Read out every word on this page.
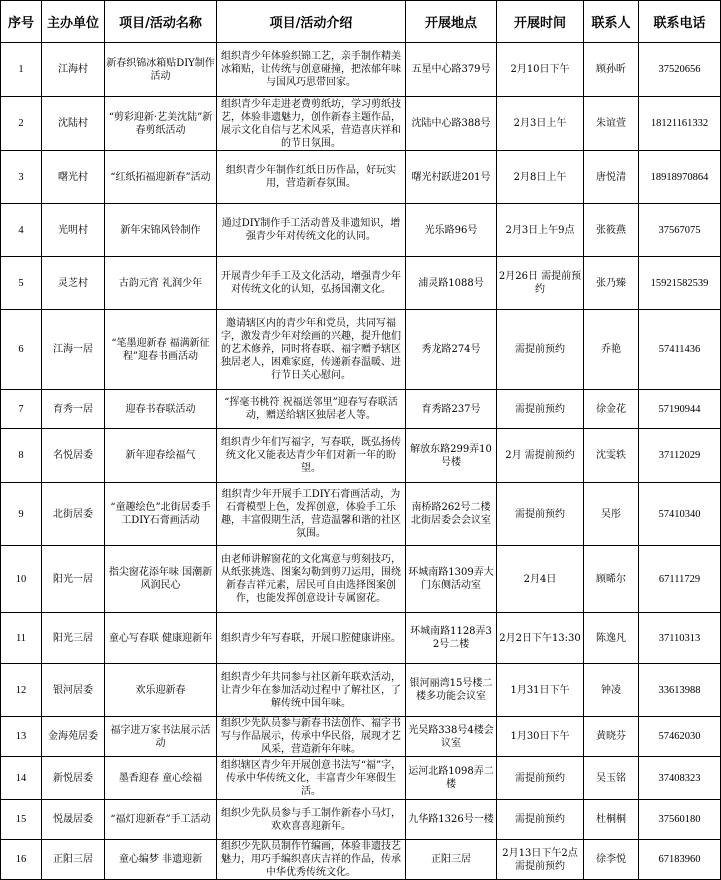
序号	主办单位	项目/活动名称	项目/活动介绍	开展地点	开展时间	联系人	联系电话
1	江海村	新春织锦冰箱贴DIY制作活动	组织青少年体验织锦工艺，亲手制作精美冰箱贴，让传统与创意碰撞，把浓郁年味与国风巧思带回家。	五星中心路379号	2月10日下午	顾孙昕	37520656
2	沈陆村	“剪彩迎新·艺美沈陆”新春剪纸活动	组织青少年走进老费剪纸坊，学习剪纸技艺，体验非遗魅力，创作新春主题作品，展示文化自信与艺术风采，营造喜庆祥和的节日氛围。	沈陆中心路388号	2月3日上午	朱谊萱	18121161332
3	曙光村	“红纸拓福迎新春”活动	组织青少年制作红纸日历作品，好玩实用，营造新春氛围。	曙光村跃进201号	2月8日上午	唐悦清	18918970864
4	光明村	新年宋锦风铃制作	通过DIY制作手工活动普及非遗知识，增强青少年对传统文化的认同。	光乐路96号	2月3日上午9点	张筱燕	37567075
5	灵芝村	古韵元宵 礼润少年	开展青少年手工及文化活动，增强青少年对传统文化的认知，弘扬国潮文化。	浦灵路1088号	2月26日 需提前预约	张乃臻	15921582539
6	江海一居	“笔墨迎新春 福满新征程”迎春书画活动	邀请辖区内的青少年和党员，共同写福字，激发青少年对绘画的兴趣，提升他们的艺术修养，同时将春联、福字赠予辖区独居老人，困难家庭，传递新春温暖、进行节日关心慰问。	秀龙路274号	需提前预约	乔艳	57411436
7	育秀一居	迎春书春联活动	“挥毫书桃符 祝福送邻里”迎春写春联活动，赠送给辖区独居老人等。	育秀路237号	需提前预约	徐金花	57190944
8	名悦居委	新年迎春绘福气	组织青少年们写福字，写春联，既弘扬传统文化又能表达青少年们对新一年的盼望。	解放东路299弄10号楼	2月 需提前预约	沈雯轶	37112029
9	北街居委	“童趣绘色”北街居委手工DIY石膏画活动	组织青少年开展手工DIY石膏画活动，为石膏模型上色，发挥创意，体验手工乐趣，丰富假期生活，营造温馨和谐的社区氛围。	南桥路262号二楼北街居委会会议室	需提前预约	吴彤	57410340
10	阳光一居	指尖窗花添年味 国潮新风润民心	由老师讲解窗花的文化寓意与剪刻技巧，从纸张挑选、图案勾勒到剪刀运用，围绕新春吉祥元素，居民可自由选择图案创作，也能发挥创意设计专属窗花。	环城南路1309弄大门东侧活动室	2月4日	顾晞尔	67111729
11	阳光三居	童心写春联 健康迎新年	组织青少年写春联，开展口腔健康讲座。	环城南路1128弄32号二楼	2月2日下午13:30	陈逸凡	37110313
12	银河居委	欢乐迎新春	组织青少年共同参与社区新年联欢活动，让青少年在参加活动过程中了解社区，了解传统中国年味。	银河丽湾15号楼二楼多功能会议室	1月31日下午	钟凌	33613988
13	金海苑居委	福字进万家书法展示活动	组织少先队员参与新春书法创作、福字书写与作品展示，传承中华民俗，展现才艺风采，营造新年年味。	光吴路338号4楼会议室	1月30日下午	黄晓芬	57462030
14	新悦居委	墨香迎春 童心绘福	组织辖区青少年开展创意书法写“福”字，传承中华传统文化，丰富青少年寒假生活。	运河北路1098弄二楼	需提前预约	吴玉铭	37408323
15	悦晟居委	“福灯迎新春”手工活动	组织少先队员参与手工制作新春小马灯，欢欢喜喜迎新年。	九华路1326号一楼	需提前预约	杜桐桐	37560180
16	正阳三居	童心编梦 非遗迎新	组织少先队员制作竹编画，体验非遗技艺魅力，用巧手编织喜庆吉祥的作品，传承中华优秀传统文化。	正阳三居	2月13日下午2点 需提前预约	徐李悦	67183960
